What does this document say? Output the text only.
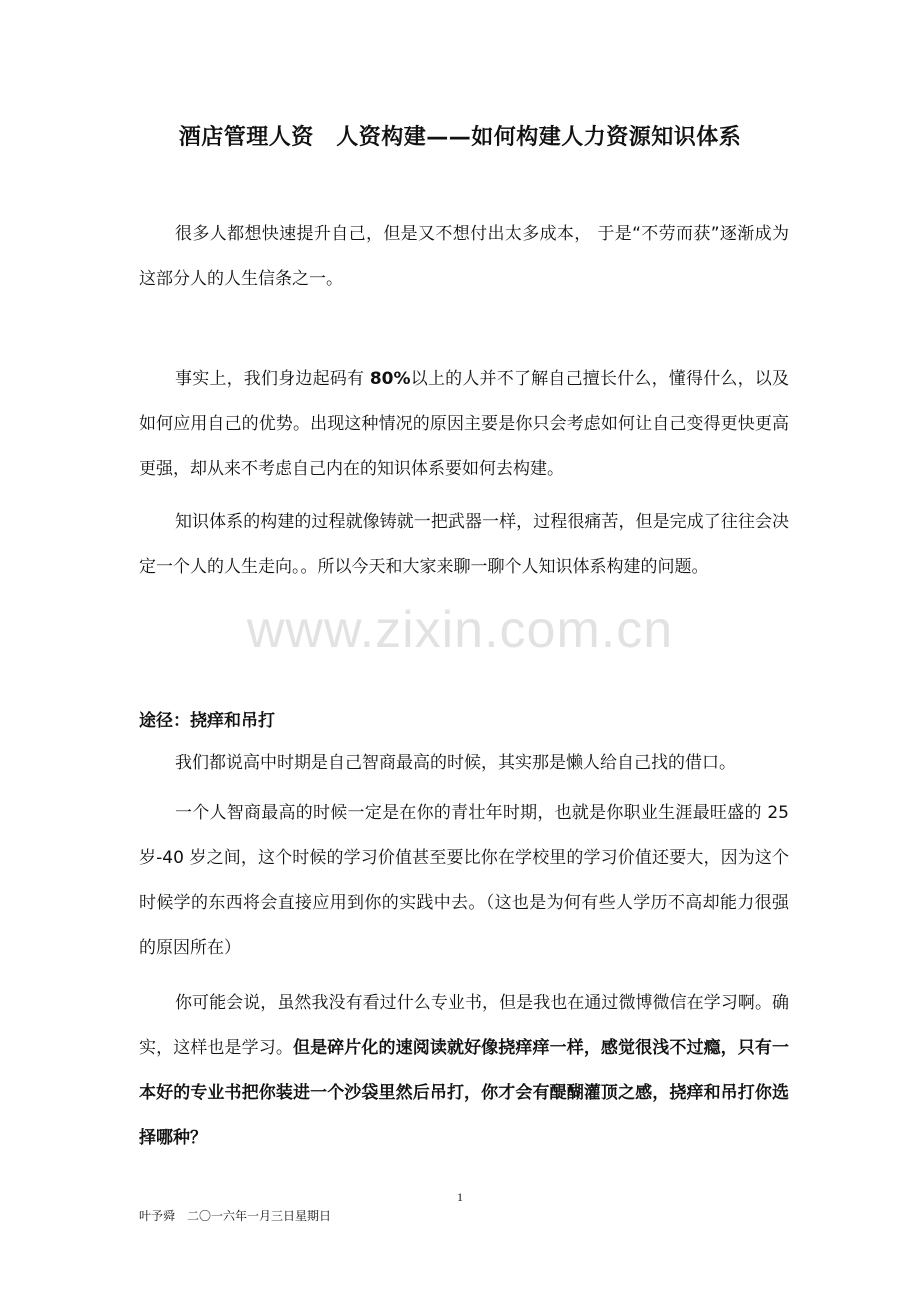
酒店管理人资　人资构建——如何构建人力资源知识体系
很多人都想快速提升自己，但是又不想付出太多成本， 于是“不劳而获”逐渐成为这部分人的人生信条之一。
事实上，我们身边起码有 80%以上的人并不了解自己擅长什么，懂得什么，以及如何应用自己的优势。出现这种情况的原因主要是你只会考虑如何让自己变得更快更高更强，却从来不考虑自己内在的知识体系要如何去构建。
知识体系的构建的过程就像铸就一把武器一样，过程很痛苦，但是完成了往往会决定一个人的人生走向。。所以今天和大家来聊一聊个人知识体系构建的问题。
www.zixin.com.cn
途径：挠痒和吊打
我们都说高中时期是自己智商最高的时候，其实那是懒人给自己找的借口。
一个人智商最高的时候一定是在你的青壮年时期，也就是你职业生涯最旺盛的 25 岁-40 岁之间，这个时候的学习价值甚至要比你在学校里的学习价值还要大，因为这个时候学的东西将会直接应用到你的实践中去。（这也是为何有些人学历不高却能力很强的原因所在）
你可能会说，虽然我没有看过什么专业书，但是我也在通过微博微信在学习啊。确实，这样也是学习。但是碎片化的速阅读就好像挠痒痒一样，感觉很浅不过瘾，只有一本好的专业书把你装进一个沙袋里然后吊打，你才会有醍醐灌顶之感，挠痒和吊打你选择哪种？
1
叶予舜　二〇一六年一月三日星期日
